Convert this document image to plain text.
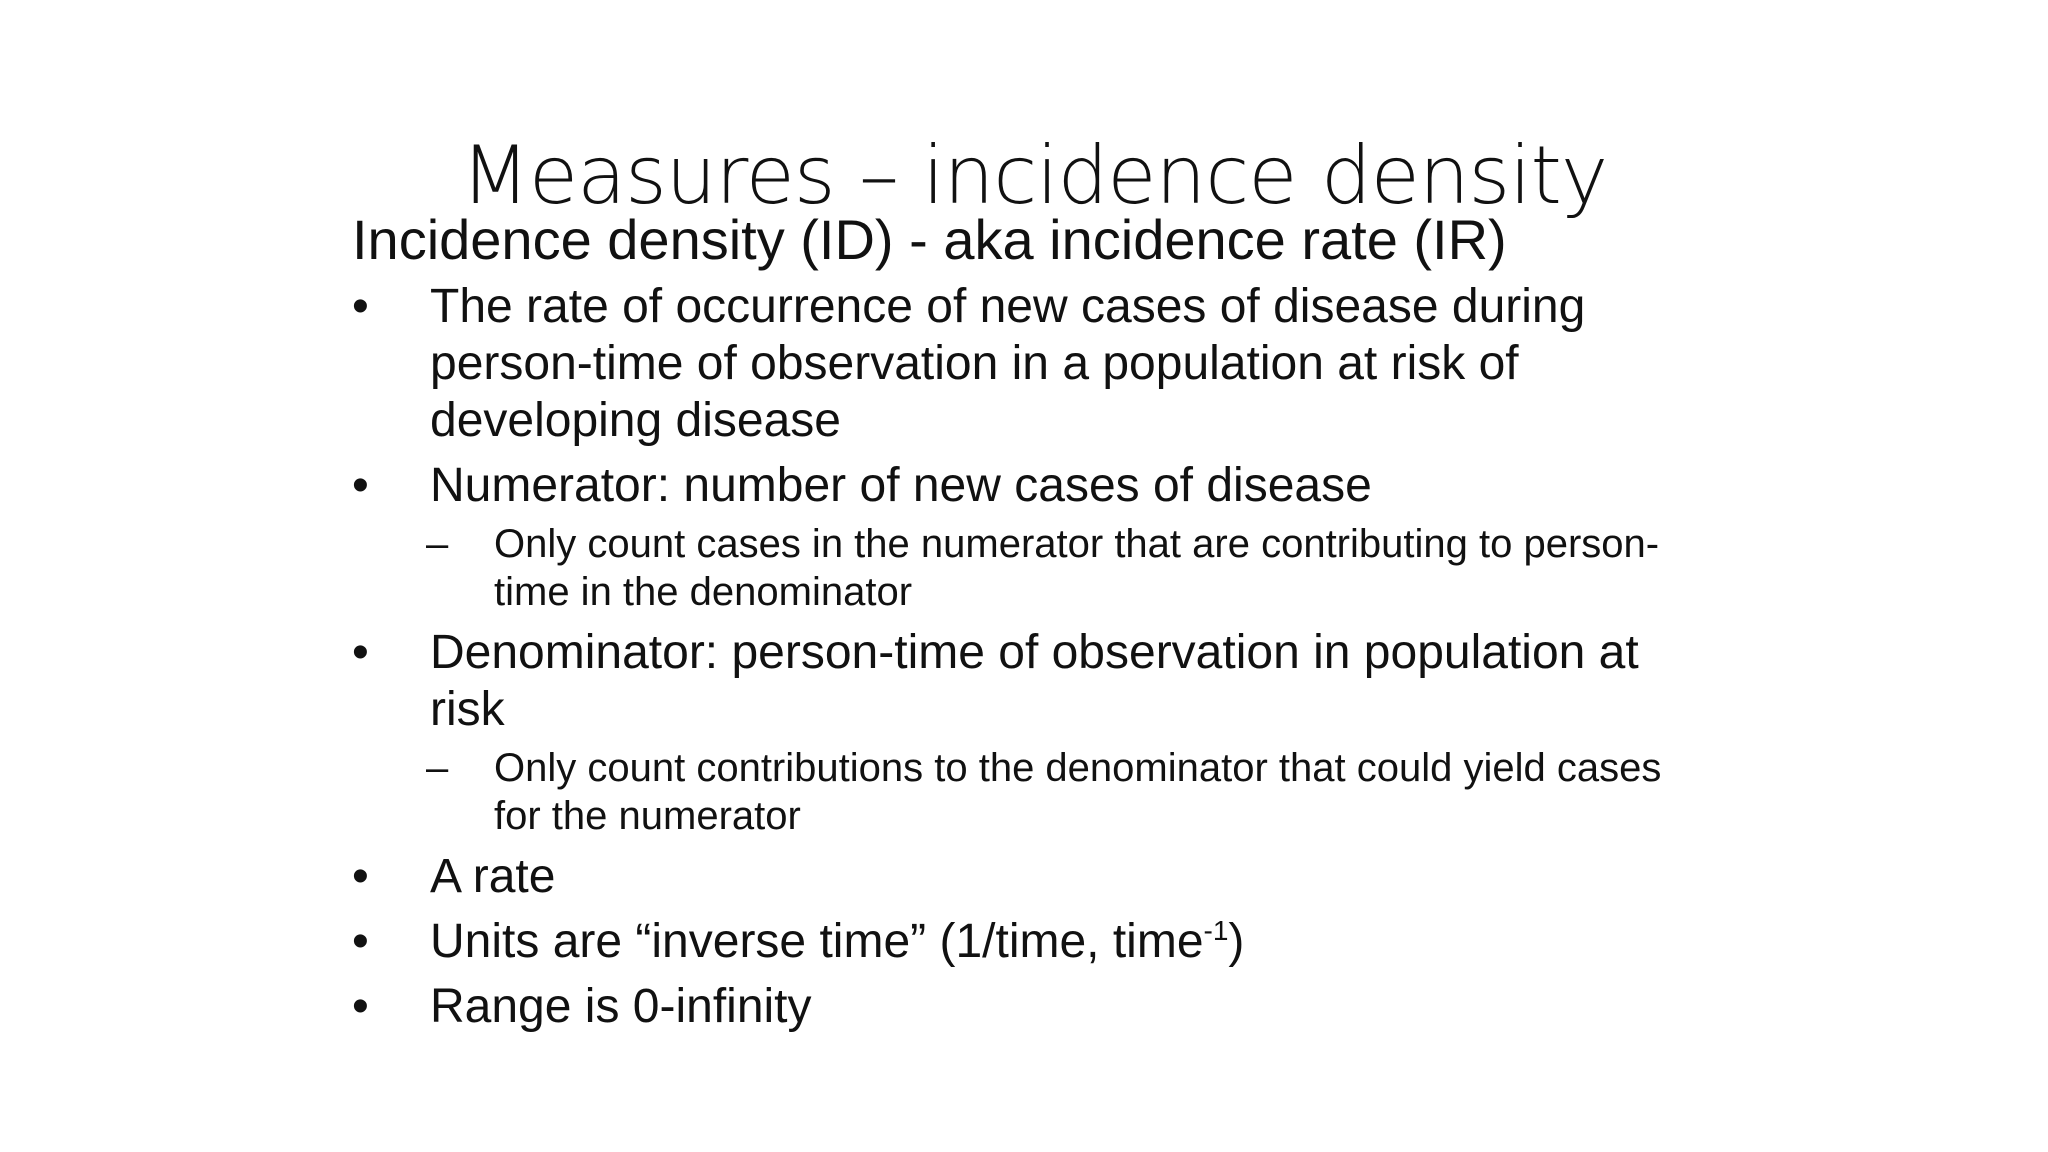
Measures – incidence density
Incidence density (ID) - aka incidence rate (IR)
•	The rate of occurrence of new cases of disease during person-time of observation in a population at risk of developing disease
•	Numerator: number of new cases of disease
–	Only count cases in the numerator that are contributing to person-time in the denominator
•	Denominator: person-time of observation in population at risk
–	Only count contributions to the denominator that could yield cases for the numerator
•	A rate
•	Units are “inverse time” (1/time, time$^{-1}$)
•	Range is 0-infinity
